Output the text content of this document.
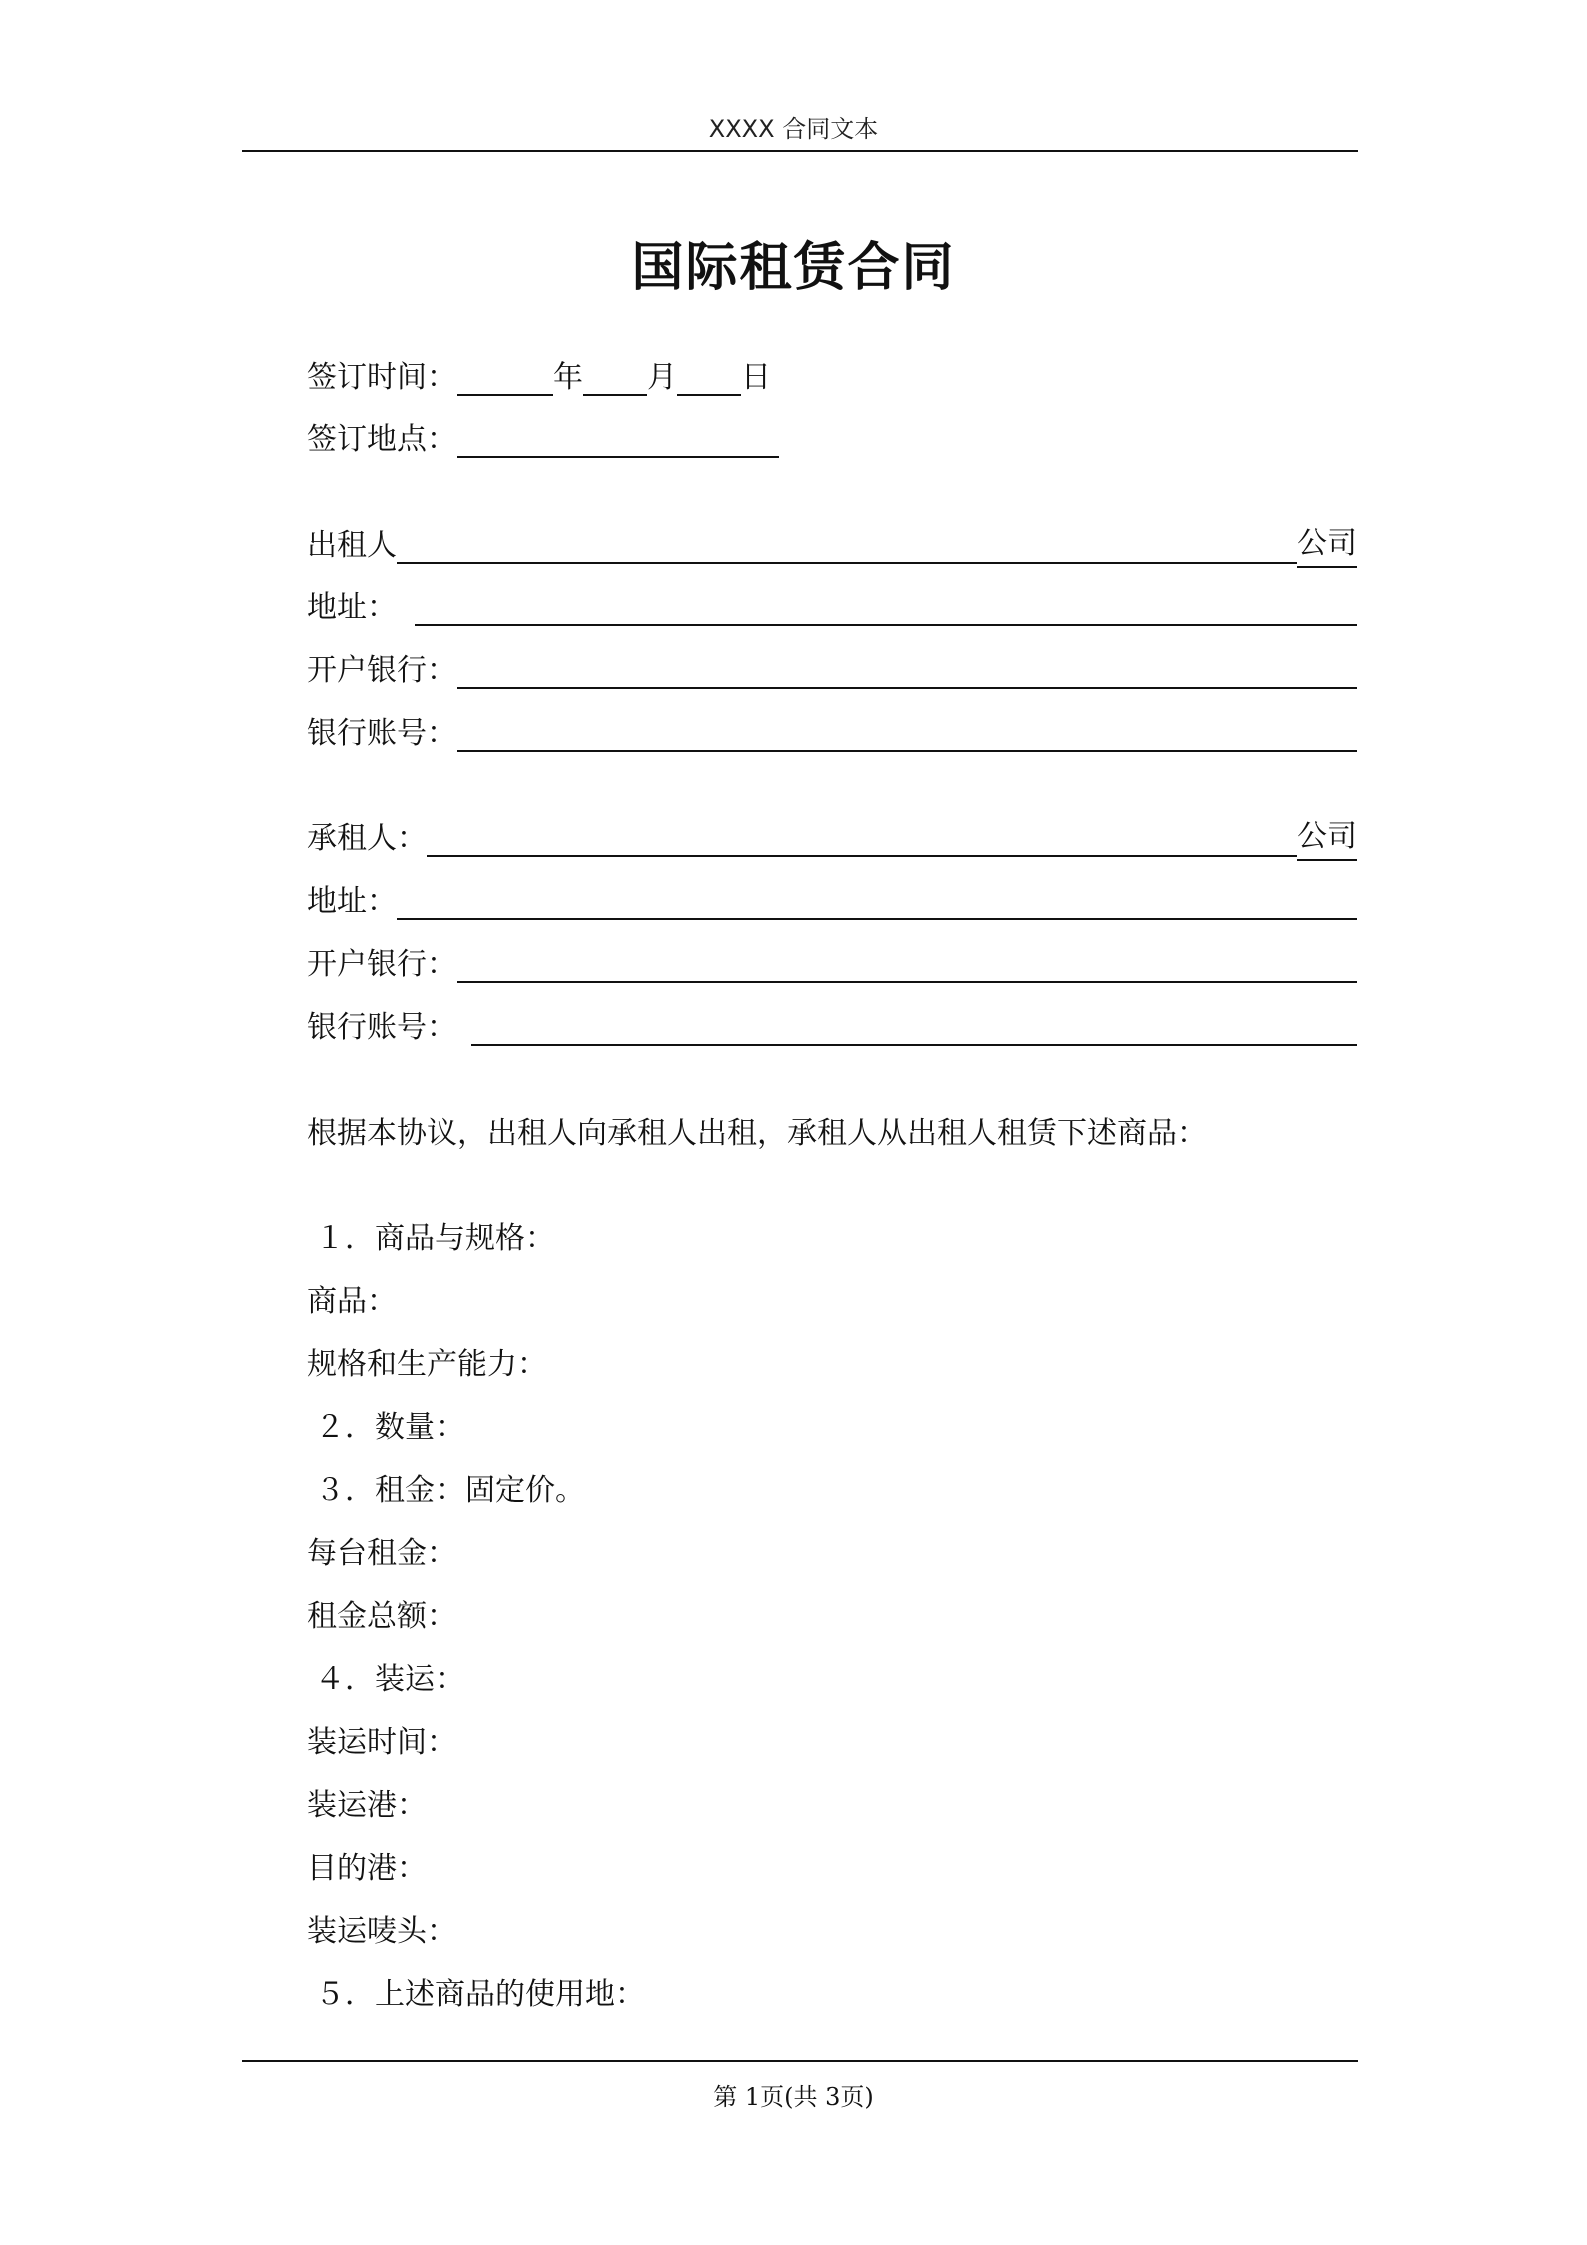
XXXX 合同文本
国际租赁合同
签订时间：	年 月 日
签订地点：
出租人	公司
地址：
开户银行：
银行账号：
承租人：	公司
地址：
开户银行：
银行账号：
根据本协议，出租人向承租人出租，承租人从出租人租赁下述商品：
１．商品与规格：
商品：
规格和生产能力：
２．数量：
３．租金：固定价。
每台租金：
租金总额：
４．装运：
装运时间：
装运港：
目的港：
装运唛头：
５．上述商品的使用地：
第 1页(共 3页)
